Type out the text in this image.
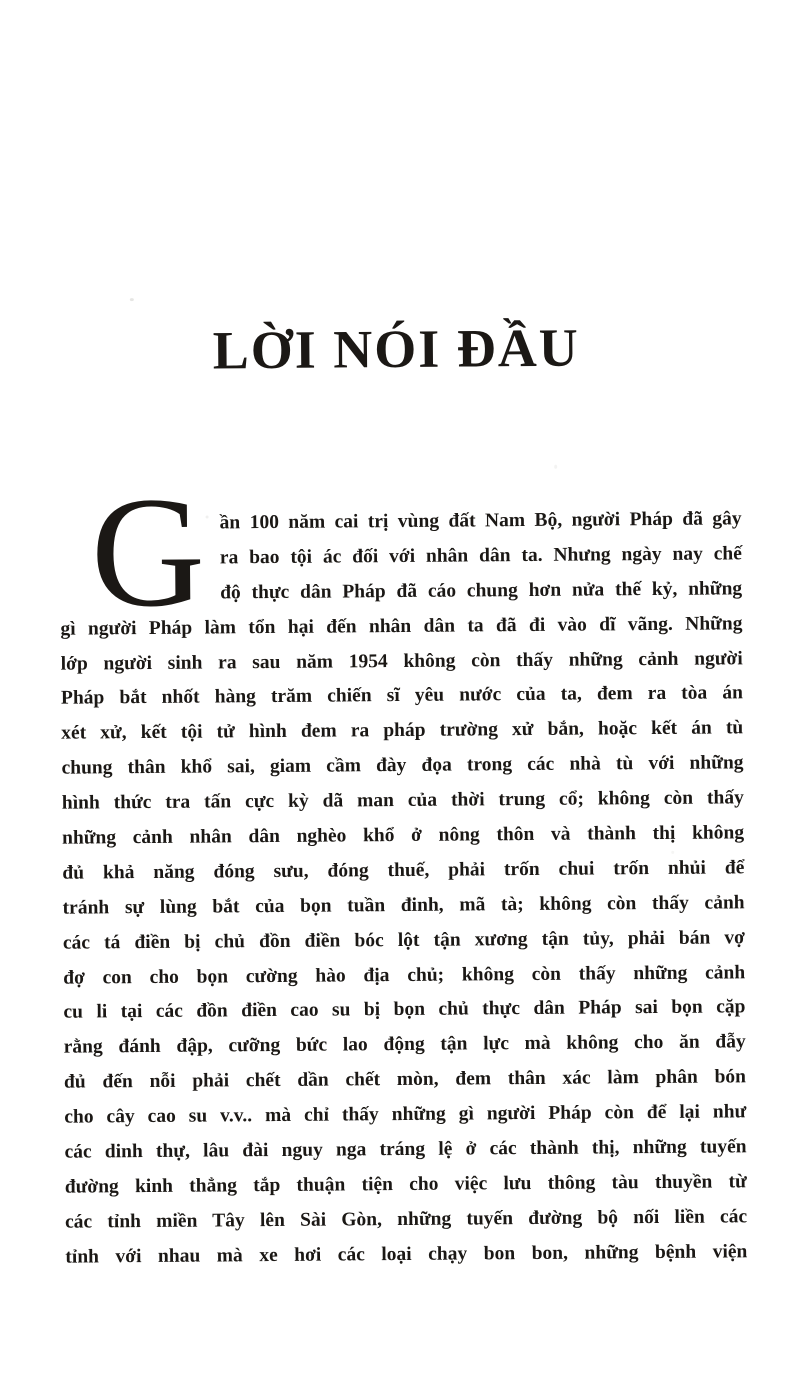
LỜI NÓI ĐẦU
G ần 100 năm cai trị vùng đất Nam Bộ, người Pháp đã gây
ra bao tội ác đối với nhân dân ta. Nhưng ngày nay chế
độ thực dân Pháp đã cáo chung hơn nửa thế kỷ, những
gì người Pháp làm tổn hại đến nhân dân ta đã đi vào dĩ vãng. Những
lớp người sinh ra sau năm 1954 không còn thấy những cảnh người
Pháp bắt nhốt hàng trăm chiến sĩ yêu nước của ta, đem ra tòa án
xét xử, kết tội tử hình đem ra pháp trường xử bắn, hoặc kết án tù
chung thân khổ sai, giam cầm đày đọa trong các nhà tù với những
hình thức tra tấn cực kỳ dã man của thời trung cổ; không còn thấy
những cảnh nhân dân nghèo khổ ở nông thôn và thành thị không
đủ khả năng đóng sưu, đóng thuế, phải trốn chui trốn nhủi để
tránh sự lùng bắt của bọn tuần đinh, mã tà; không còn thấy cảnh
các tá điền bị chủ đồn điền bóc lột tận xương tận tủy, phải bán vợ
đợ con cho bọn cường hào địa chủ; không còn thấy những cảnh
cu li tại các đồn điền cao su bị bọn chủ thực dân Pháp sai bọn cặp
rằng đánh đập, cưỡng bức lao động tận lực mà không cho ăn đẫy
đủ đến nỗi phải chết dần chết mòn, đem thân xác làm phân bón
cho cây cao su v.v.. mà chỉ thấy những gì người Pháp còn để lại như
các dinh thự, lâu đài nguy nga tráng lệ ở các thành thị, những tuyến
đường kinh thẳng tắp thuận tiện cho việc lưu thông tàu thuyền từ
các tỉnh miền Tây lên Sài Gòn, những tuyến đường bộ nối liền các
tỉnh với nhau mà xe hơi các loại chạy bon bon, những bệnh viện
